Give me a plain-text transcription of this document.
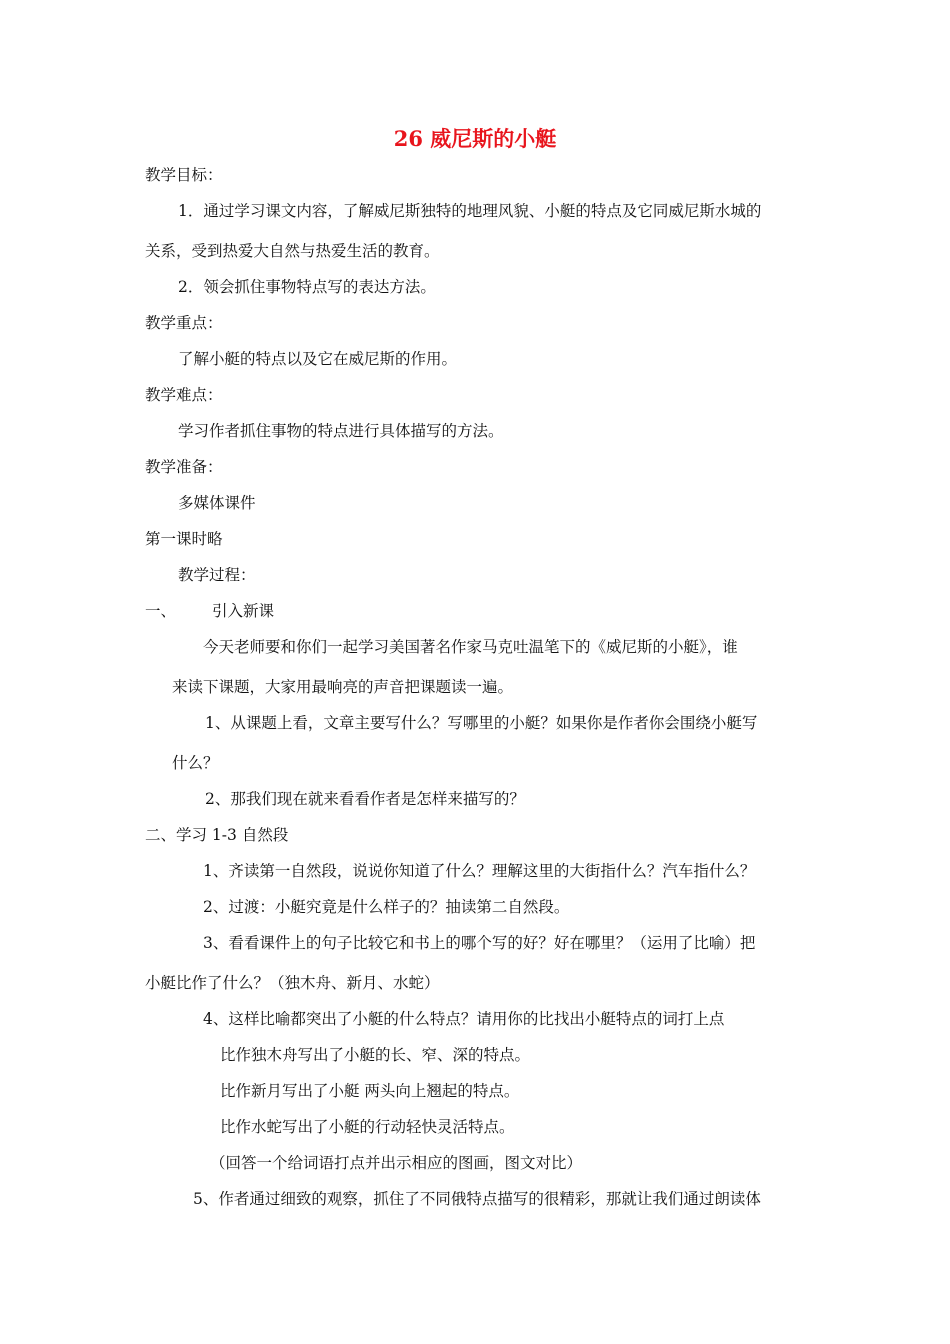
26 威尼斯的小艇
教学目标：
1．通过学习课文内容，了解威尼斯独特的地理风貌、小艇的特点及它同威尼斯水城的
关系，受到热爱大自然与热爱生活的教育。
2．领会抓住事物特点写的表达方法。
教学重点：
了解小艇的特点以及它在威尼斯的作用。
教学难点：
学习作者抓住事物的特点进行具体描写的方法。
教学准备：
多媒体课件
第一课时略
教学过程：
一、 引入新课
今天老师要和你们一起学习美国著名作家马克吐温笔下的《威尼斯的小艇》，谁
来读下课题，大家用最响亮的声音把课题读一遍。
1、从课题上看，文章主要写什么？写哪里的小艇？如果你是作者你会围绕小艇写
什么？
2、那我们现在就来看看作者是怎样来描写的？
二、学习 1-3 自然段
1、齐读第一自然段，说说你知道了什么？理解这里的大街指什么？汽车指什么？
2、过渡：小艇究竟是什么样子的？抽读第二自然段。
3、看看课件上的句子比较它和书上的哪个写的好？好在哪里？（运用了比喻）把
小艇比作了什么？（独木舟、新月、水蛇）
4、这样比喻都突出了小艇的什么特点？请用你的比找出小艇特点的词打上点
比作独木舟写出了小艇的长、窄、深的特点。
比作新月写出了小艇 两头向上翘起的特点。
比作水蛇写出了小艇的行动轻快灵活特点。
（回答一个给词语打点并出示相应的图画，图文对比）
5、作者通过细致的观察，抓住了不同俄特点描写的很精彩，那就让我们通过朗读体
